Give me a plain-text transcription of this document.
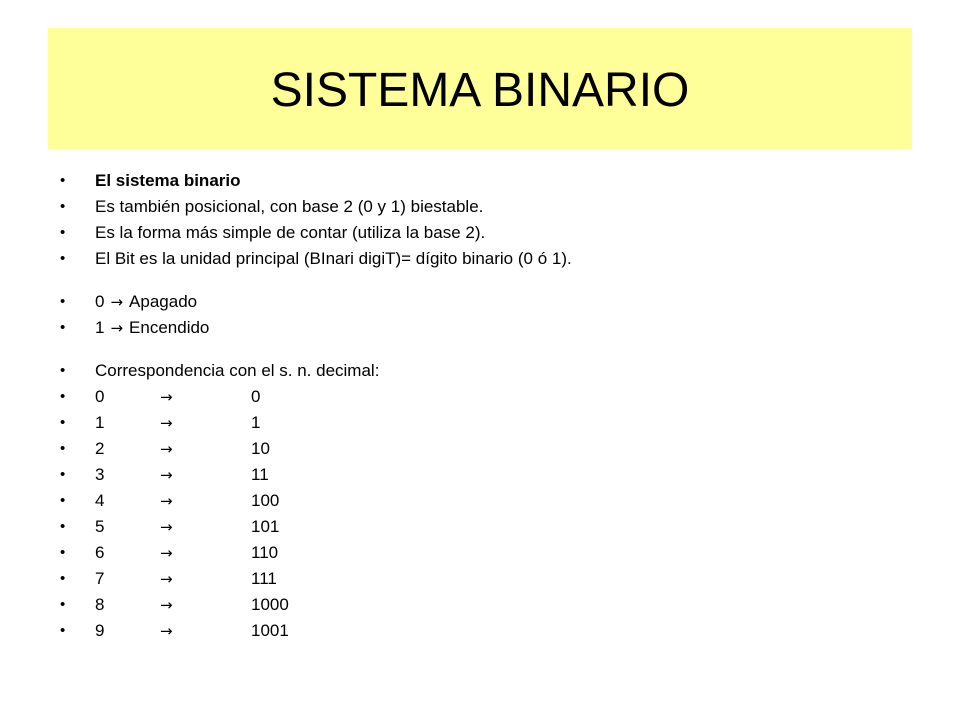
SISTEMA BINARIO
• El sistema binario
• Es también posicional, con base 2 (0 y 1) biestable.
• Es la forma más simple de contar (utiliza la base 2).
• El Bit es la unidad principal (BInari digiT)= dígito binario (0 ó 1).
• 0 → Apagado
• 1 → Encendido
• Correspondencia con el s. n. decimal:
• 0	→	0
• 1	→	1
• 2	→	10
• 3	→	11
• 4	→	100
• 5	→	101
• 6	→	110
• 7	→	111
• 8	→	1000
• 9	→	1001
